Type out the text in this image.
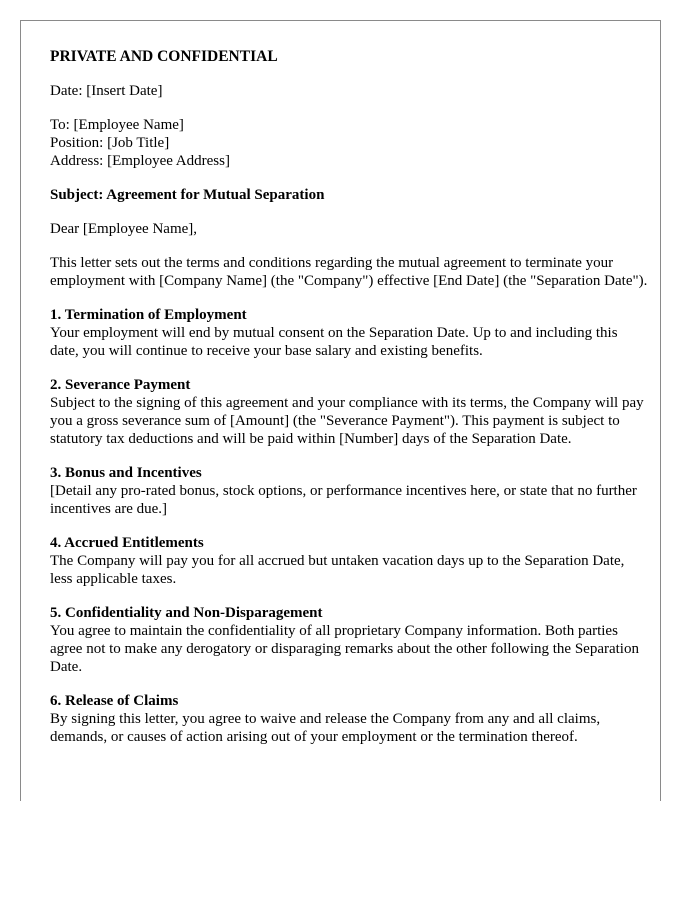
PRIVATE AND CONFIDENTIAL
Date: [Insert Date]
To: [Employee Name]
Position: [Job Title]
Address: [Employee Address]
Subject: Agreement for Mutual Separation
Dear [Employee Name],
This letter sets out the terms and conditions regarding the mutual agreement to terminate your employment with [Company Name] (the "Company") effective [End Date] (the "Separation Date").
1. Termination of Employment
Your employment will end by mutual consent on the Separation Date. Up to and including this date, you will continue to receive your base salary and existing benefits.
2. Severance Payment
Subject to the signing of this agreement and your compliance with its terms, the Company will pay you a gross severance sum of [Amount] (the "Severance Payment"). This payment is subject to statutory tax deductions and will be paid within [Number] days of the Separation Date.
3. Bonus and Incentives
[Detail any pro-rated bonus, stock options, or performance incentives here, or state that no further incentives are due.]
4. Accrued Entitlements
The Company will pay you for all accrued but untaken vacation days up to the Separation Date, less applicable taxes.
5. Confidentiality and Non-Disparagement
You agree to maintain the confidentiality of all proprietary Company information. Both parties agree not to make any derogatory or disparaging remarks about the other following the Separation Date.
6. Release of Claims
By signing this letter, you agree to waive and release the Company from any and all claims, demands, or causes of action arising out of your employment or the termination thereof.
